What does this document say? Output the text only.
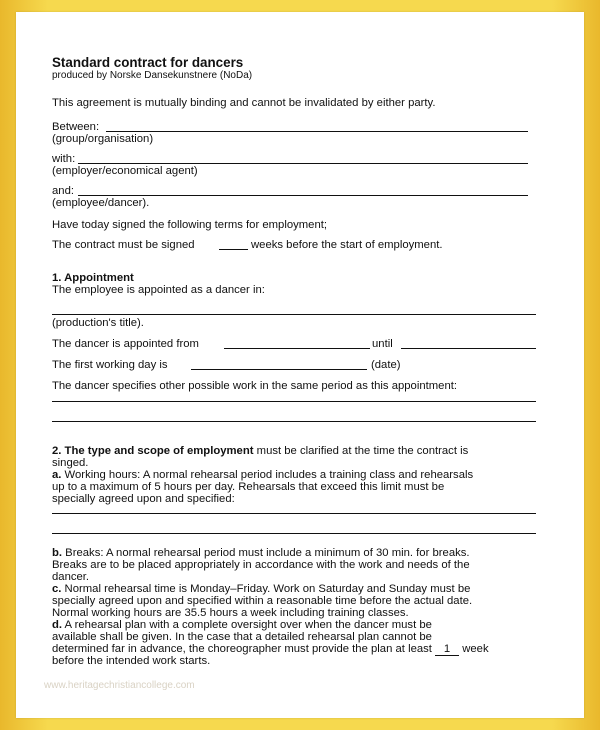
Standard contract for dancers
produced by Norske Dansekunstnere (NoDa)
This agreement is mutually binding and cannot be invalidated by either party.
Between:
(group/organisation)
with:
(employer/economical agent)
and:
(employee/dancer).
Have today signed the following terms for employment;
The contract must be signed	weeks before the start of employment.
1. Appointment
The employee is appointed as a dancer in:
(production's title).
The dancer is appointed from	until
The first working day is	(date)
The dancer specifies other possible work in the same period as this appointment:
2. The type and scope of employment must be clarified at the time the contract is
singed.
a. Working hours: A normal rehearsal period includes a training class and rehearsals
up to a maximum of 5 hours per day. Rehearsals that exceed this limit must be
specially agreed upon and specified:
b. Breaks: A normal rehearsal period must include a minimum of 30 min. for breaks.
Breaks are to be placed appropriately in accordance with the work and needs of the
dancer.
c. Normal rehearsal time is Monday–Friday. Work on Saturday and Sunday must be
specially agreed upon and specified within a reasonable time before the actual date.
Normal working hours are 35.5 hours a week including training classes.
d. A rehearsal plan with a complete oversight over when the dancer must be
available shall be given. In the case that a detailed rehearsal plan cannot be
determined far in advance, the choreographer must provide the plan at least 1 week
before the intended work starts.
www.heritagechristiancollege.com
